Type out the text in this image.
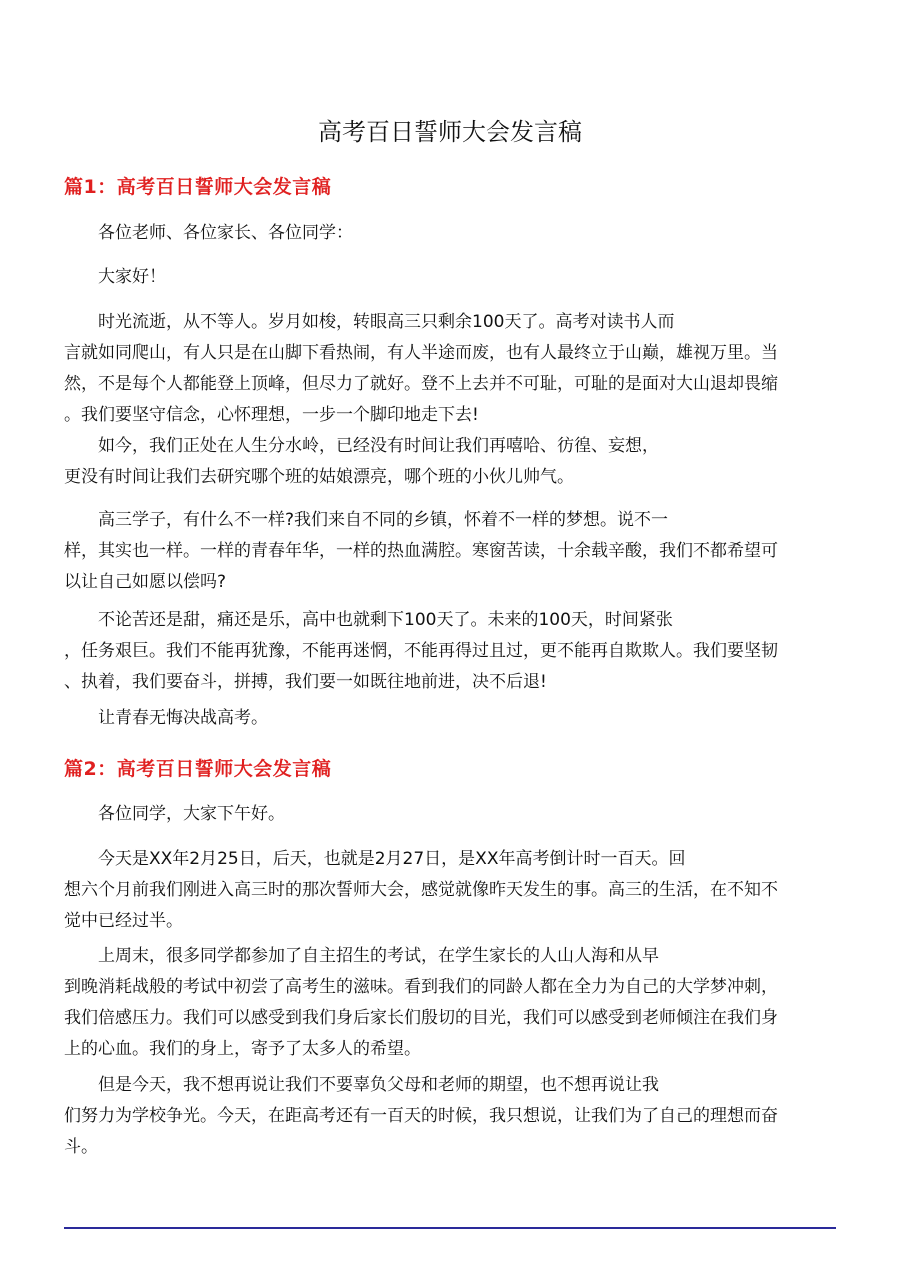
高考百日誓师大会发言稿
篇1：高考百日誓师大会发言稿
各位老师、各位家长、各位同学：
大家好！
时光流逝，从不等人。岁月如梭，转眼高三只剩余100天了。高考对读书人而
言就如同爬山，有人只是在山脚下看热闹，有人半途而废，也有人最终立于山巅，雄视万里。当
然，不是每个人都能登上顶峰，但尽力了就好。登不上去并不可耻，可耻的是面对大山退却畏缩
。我们要坚守信念，心怀理想，一步一个脚印地走下去!
如今，我们正处在人生分水岭，已经没有时间让我们再嘻哈、彷徨、妄想，
更没有时间让我们去研究哪个班的姑娘漂亮，哪个班的小伙儿帅气。
高三学子，有什么不一样?我们来自不同的乡镇，怀着不一样的梦想。说不一
样，其实也一样。一样的青春年华，一样的热血满腔。寒窗苦读，十余载辛酸，我们不都希望可
以让自己如愿以偿吗?
不论苦还是甜，痛还是乐，高中也就剩下100天了。未来的100天，时间紧张
，任务艰巨。我们不能再犹豫，不能再迷惘，不能再得过且过，更不能再自欺欺人。我们要坚韧
、执着，我们要奋斗，拼搏，我们要一如既往地前进，决不后退!
让青春无悔决战高考。
篇2：高考百日誓师大会发言稿
各位同学，大家下午好。
今天是XX年2月25日，后天，也就是2月27日，是XX年高考倒计时一百天。回
想六个月前我们刚进入高三时的那次誓师大会，感觉就像昨天发生的事。高三的生活，在不知不
觉中已经过半。
上周末，很多同学都参加了自主招生的考试，在学生家长的人山人海和从早
到晚消耗战般的考试中初尝了高考生的滋味。看到我们的同龄人都在全力为自己的大学梦冲刺，
我们倍感压力。我们可以感受到我们身后家长们殷切的目光，我们可以感受到老师倾注在我们身
上的心血。我们的身上，寄予了太多人的希望。
但是今天，我不想再说让我们不要辜负父母和老师的期望，也不想再说让我
们努力为学校争光。今天，在距高考还有一百天的时候，我只想说，让我们为了自己的理想而奋
斗。
